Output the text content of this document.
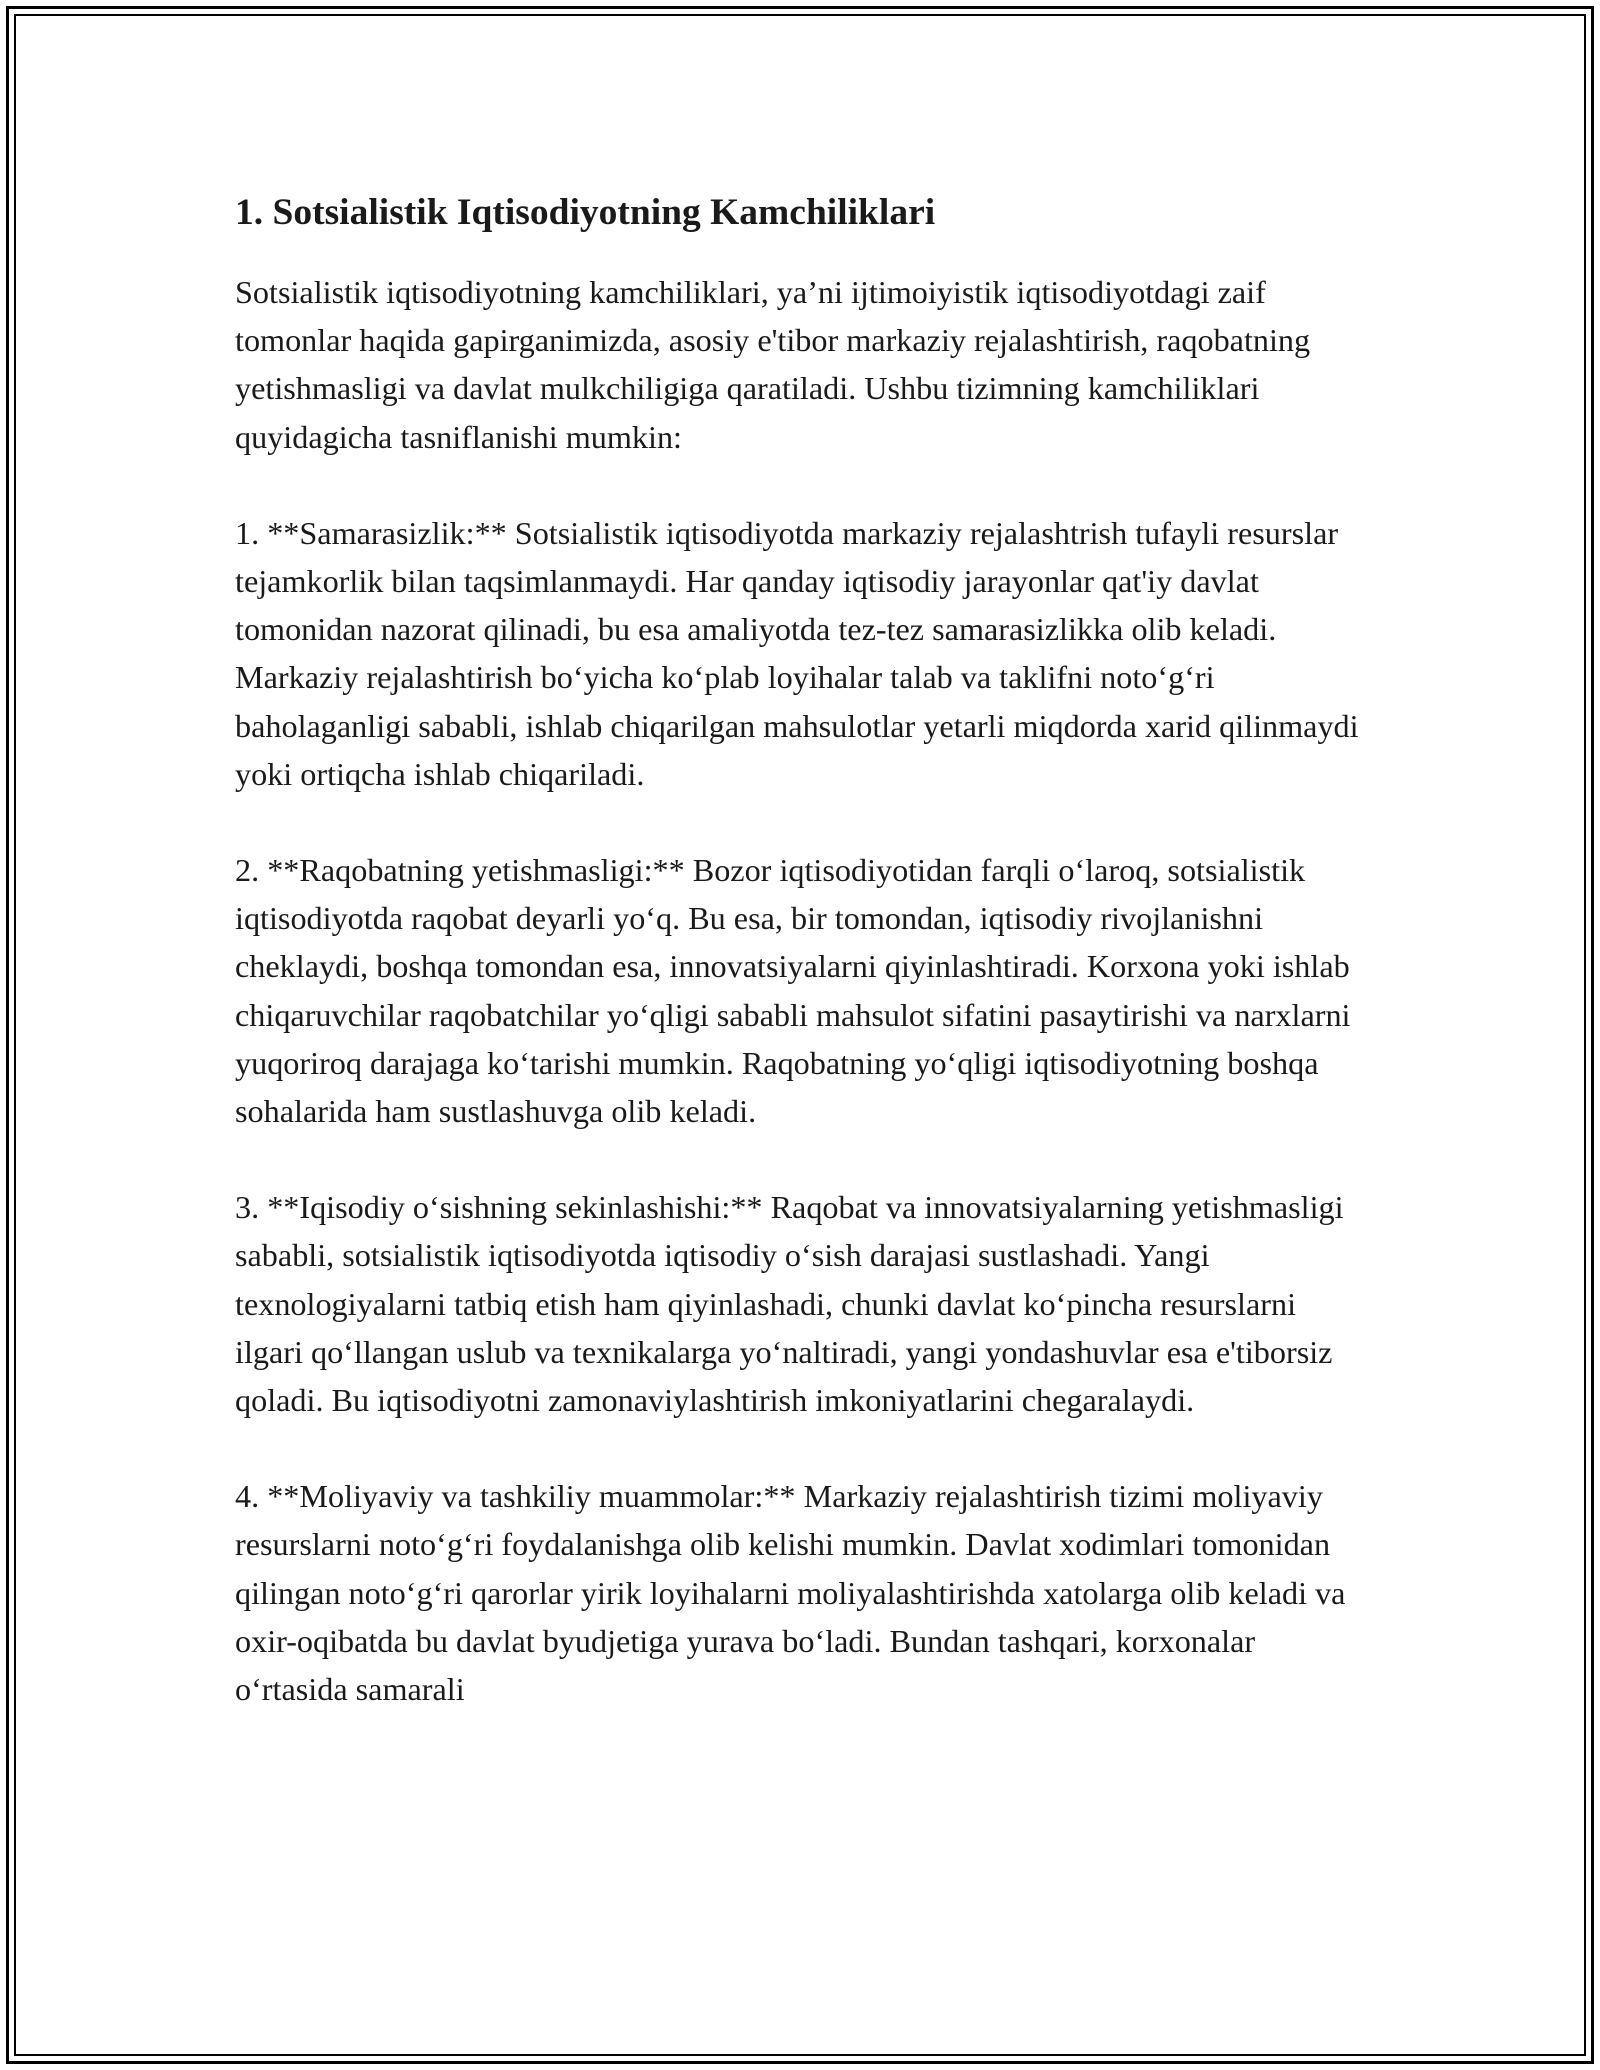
1. Sotsialistik Iqtisodiyotning Kamchiliklari

Sotsialistik iqtisodiyotning kamchiliklari, ya’ni ijtimoiyistik iqtisodiyotdagi zaif tomonlar haqida gapirganimizda, asosiy e'tibor markaziy rejalashtirish, raqobatning yetishmasligi va davlat mulkchiligiga qaratiladi. Ushbu tizimning kamchiliklari quyidagicha tasniflanishi mumkin:

1. **Samarasizlik:** Sotsialistik iqtisodiyotda markaziy rejalashtrish tufayli resurslar tejamkorlik bilan taqsimlanmaydi. Har qanday iqtisodiy jarayonlar qat'iy davlat tomonidan nazorat qilinadi, bu esa amaliyotda tez-tez samarasizlikka olib keladi. Markaziy rejalashtirish bo‘yicha ko‘plab loyihalar talab va taklifni noto‘g‘ri baholaganligi sababli, ishlab chiqarilgan mahsulotlar yetarli miqdorda xarid qilinmaydi yoki ortiqcha ishlab chiqariladi.

2. **Raqobatning yetishmasligi:** Bozor iqtisodiyotidan farqli o‘laroq, sotsialistik iqtisodiyotda raqobat deyarli yo‘q. Bu esa, bir tomondan, iqtisodiy rivojlanishni cheklaydi, boshqa tomondan esa, innovatsiyalarni qiyinlashtiradi. Korxona yoki ishlab chiqaruvchilar raqobatchilar yo‘qligi sababli mahsulot sifatini pasaytirishi va narxlarni yuqoriroq darajaga ko‘tarishi mumkin. Raqobatning yo‘qligi iqtisodiyotning boshqa sohalarida ham sustlashuvga olib keladi.

3. **Iqisodiy o‘sishning sekinlashishi:** Raqobat va innovatsiyalarning yetishmasligi sababli, sotsialistik iqtisodiyotda iqtisodiy o‘sish darajasi sustlashadi. Yangi texnologiyalarni tatbiq etish ham qiyinlashadi, chunki davlat ko‘pincha resurslarni ilgari qo‘llangan uslub va texnikalarga yo‘naltiradi, yangi yondashuvlar esa e'tiborsiz qoladi. Bu iqtisodiyotni zamonaviylashtirish imkoniyatlarini chegaralaydi.

4. **Moliyaviy va tashkiliy muammolar:** Markaziy rejalashtirish tizimi moliyaviy resurslarni noto‘g‘ri foydalanishga olib kelishi mumkin. Davlat xodimlari tomonidan qilingan noto‘g‘ri qarorlar yirik loyihalarni moliyalashtirishda xatolarga olib keladi va oxir-oqibatda bu davlat byudjetiga yurava bo‘ladi. Bundan tashqari, korxonalar o‘rtasida samarali
